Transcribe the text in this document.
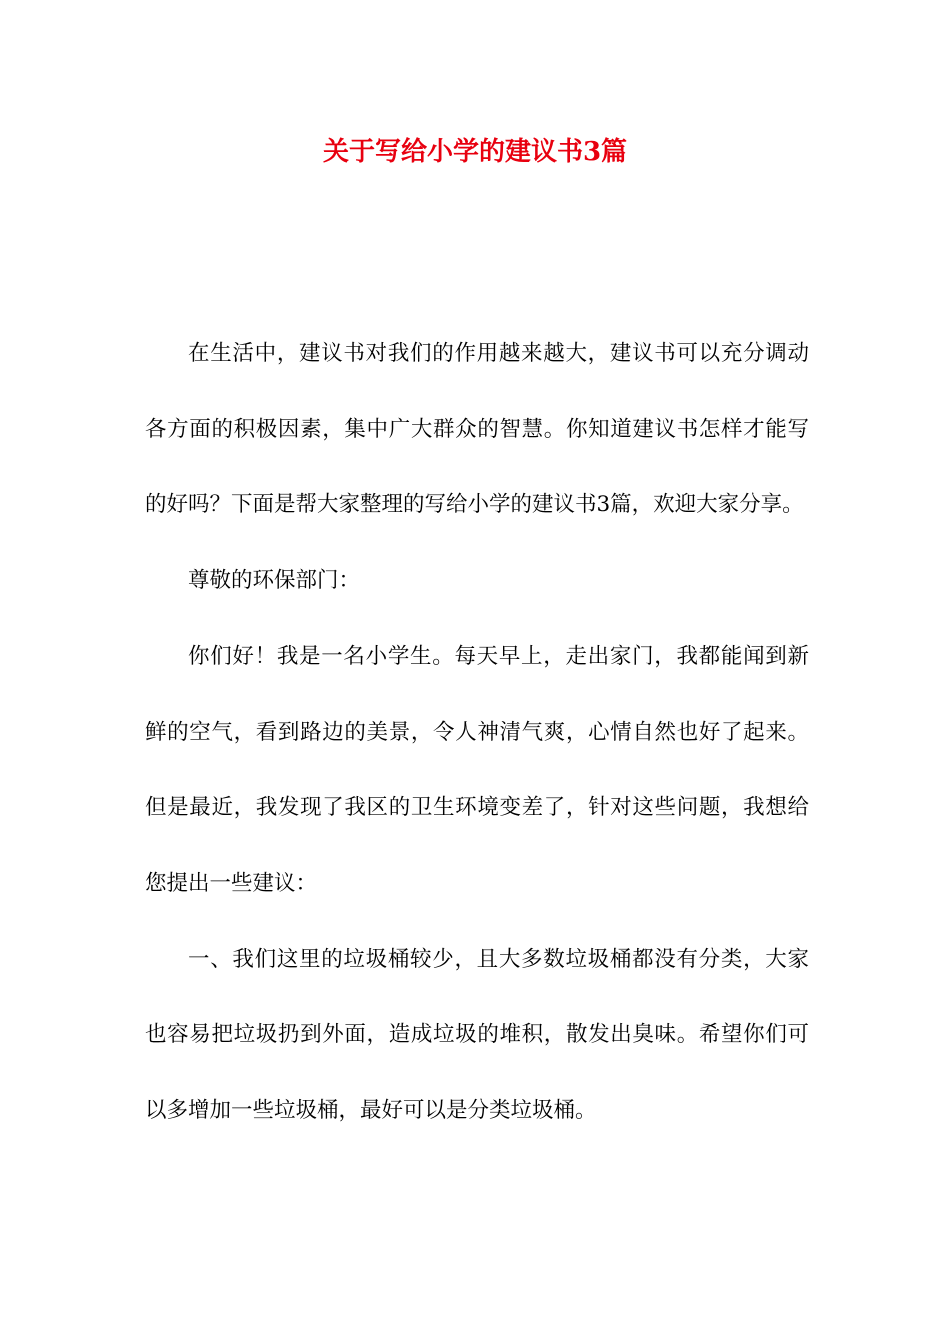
关于写给小学的建议书3篇

在生活中，建议书对我们的作用越来越大，建议书可以充分调动各方面的积极因素，集中广大群众的智慧。你知道建议书怎样才能写的好吗？下面是帮大家整理的写给小学的建议书3篇，欢迎大家分享。

尊敬的环保部门：

你们好！我是一名小学生。每天早上，走出家门，我都能闻到新鲜的空气，看到路边的美景，令人神清气爽，心情自然也好了起来。但是最近，我发现了我区的卫生环境变差了，针对这些问题，我想给您提出一些建议：

一、我们这里的垃圾桶较少，且大多数垃圾桶都没有分类，大家也容易把垃圾扔到外面，造成垃圾的堆积，散发出臭味。希望你们可以多增加一些垃圾桶，最好可以是分类垃圾桶。
